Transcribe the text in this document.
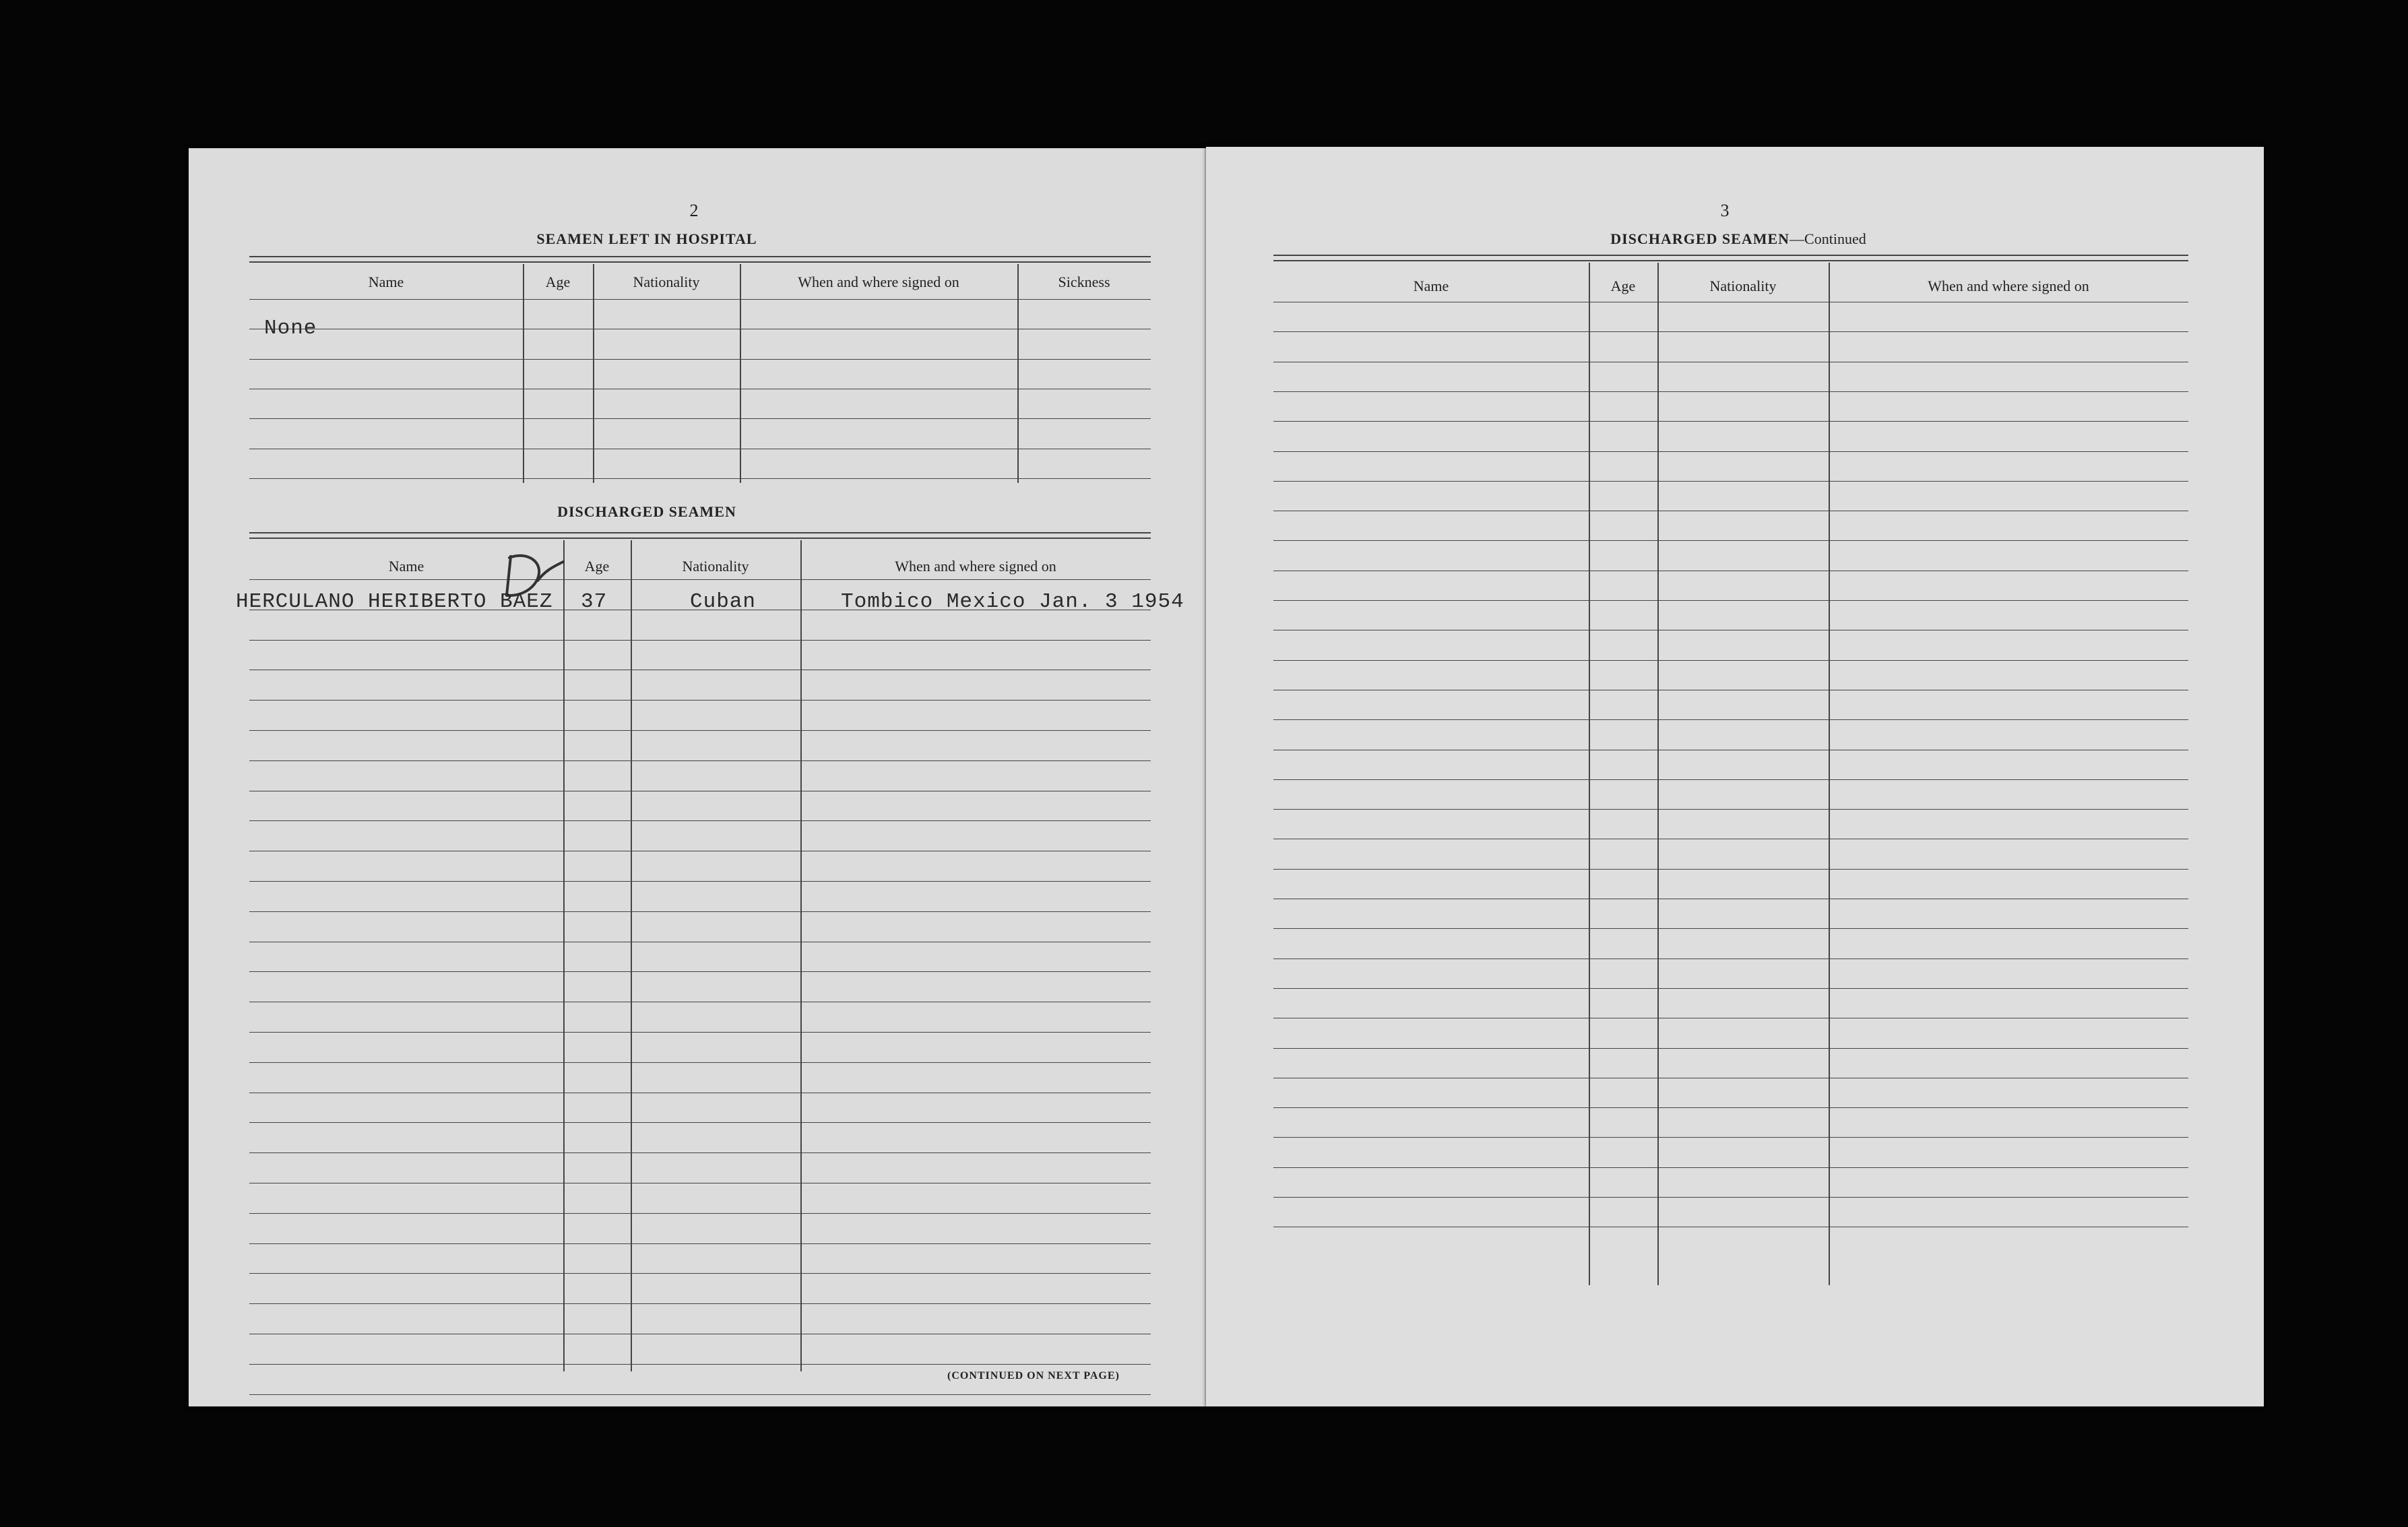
2
SEAMEN LEFT IN HOSPITAL
Name	Age	Nationality	When and where signed on	Sickness
None
DISCHARGED SEAMEN
Name	Age	Nationality	When and where signed on
HERCULANO HERIBERTO BAEZ 37	Cuban	Tombico Mexico Jan. 3 1954
(CONTINUED ON NEXT PAGE)
3
DISCHARGED SEAMEN—Continued
Name	Age	Nationality	When and where signed on
